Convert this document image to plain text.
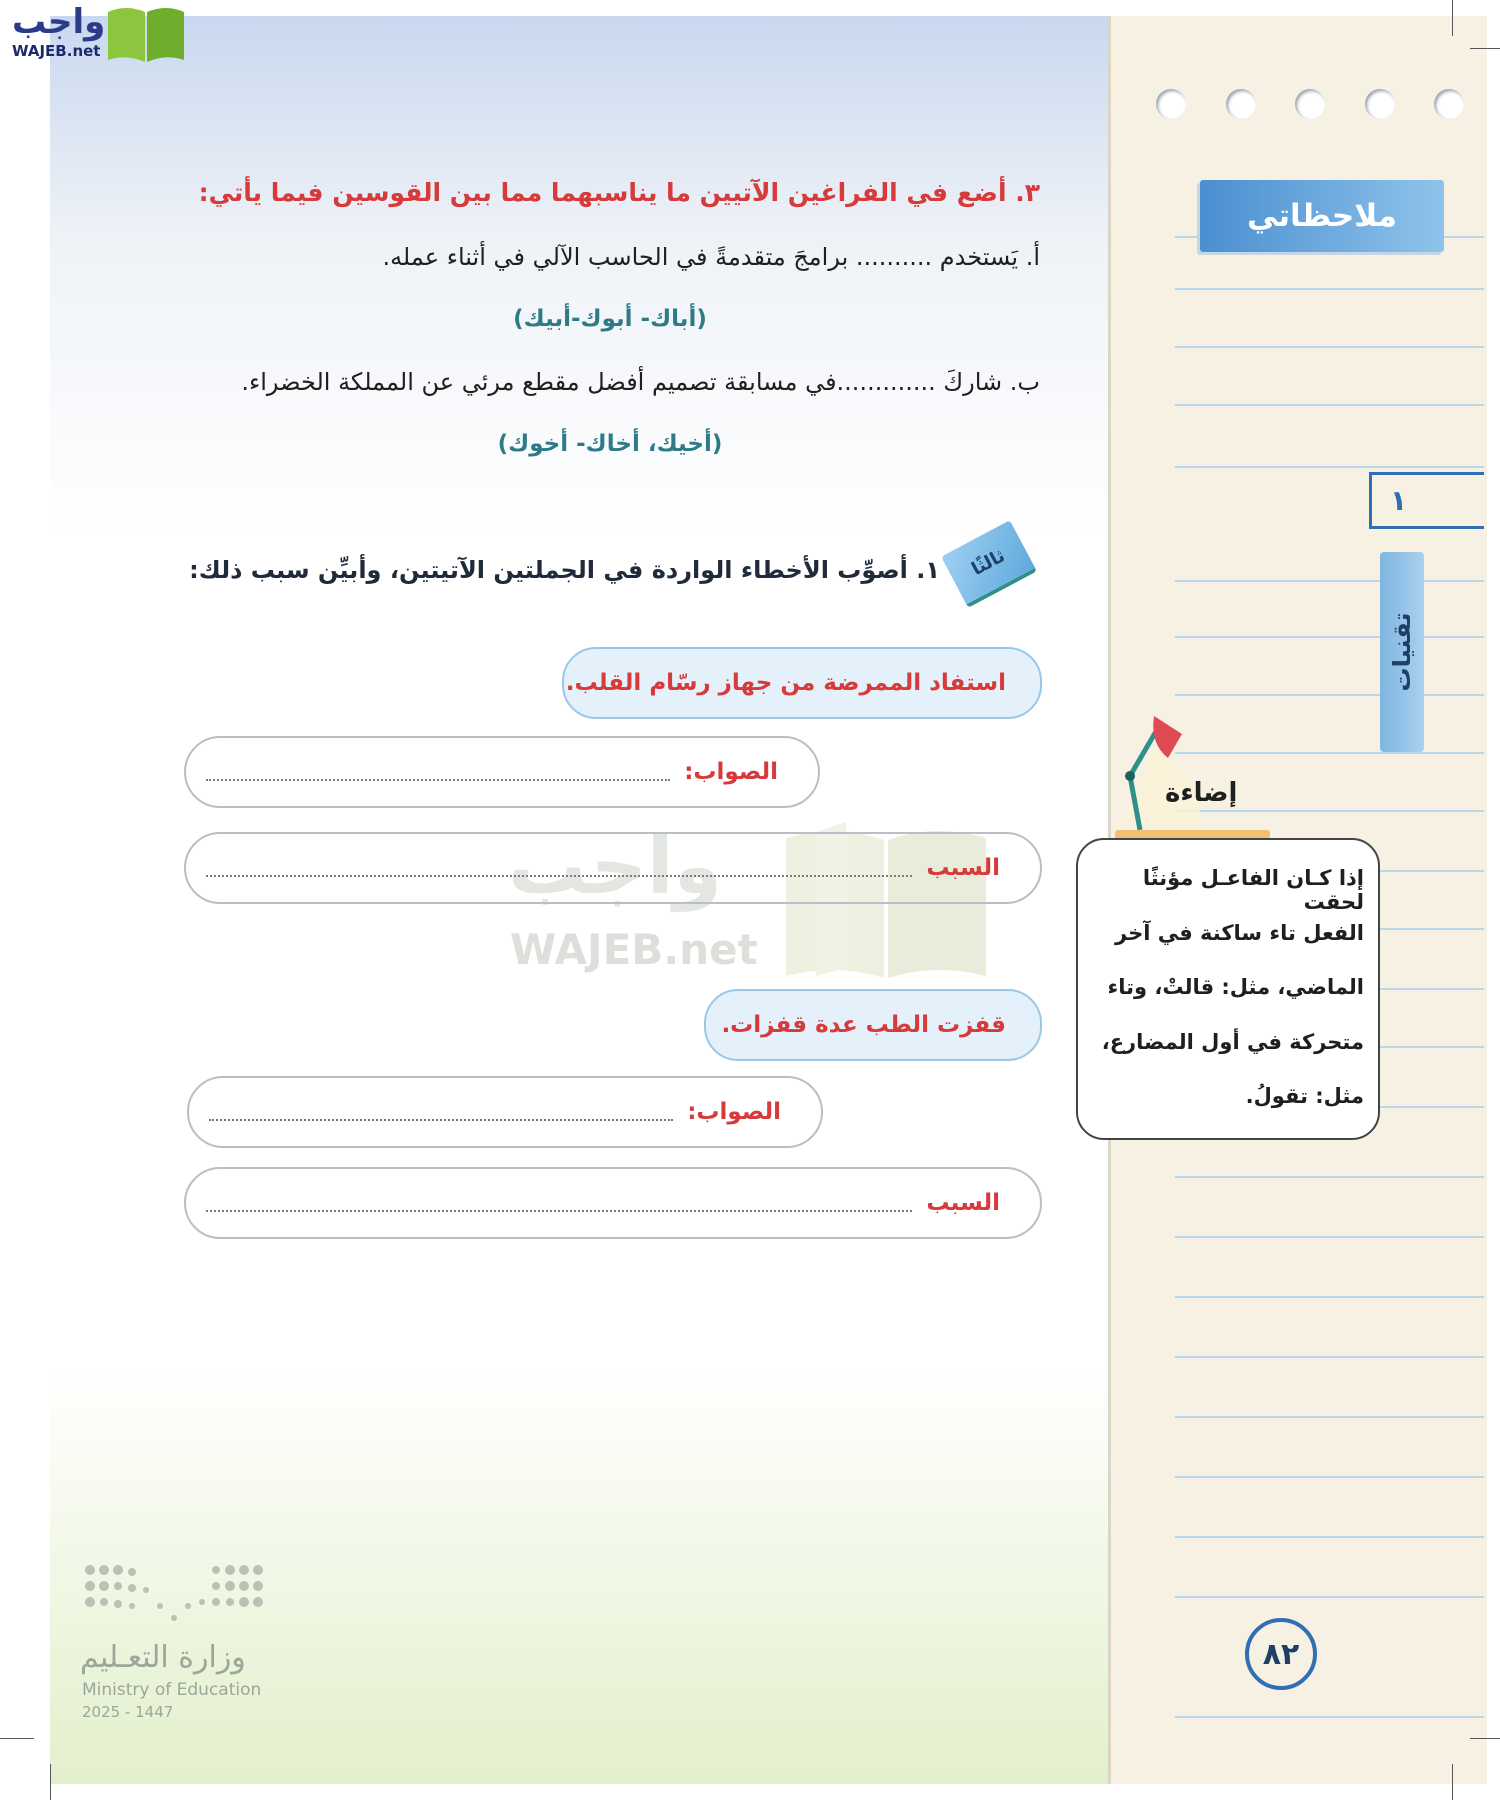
ملاحظاتي
١
تقنيات
٣. أضع في الفراغين الآتيين ما يناسبهما مما بين القوسين فيما يأتي:
أ. يَستخدم .......... برامجَ متقدمةً في الحاسب الآلي في أثناء عمله.
(أباك- أبوك-أبيك)
ب. شاركَ .............في مسابقة تصميم أفضل مقطع مرئي عن المملكة الخضراء.
(أخيك، أخاك- أخوك)
ثالثًا
١. أصوِّب الأخطاء الواردة في الجملتين الآتيتين، وأبيِّن سبب ذلك:
واجب
WAJEB.net
استفاد الممرضة من جهاز رسّام القلب.
الصواب:
السبب
قفزت الطب عدة قفزات.
الصواب:
السبب
إضاءة

إذا كـان الفاعـل مؤنثًا لحقت

الفعل تاء ساكنة في آخر

الماضي، مثل: قالتْ، وتاء

متحركة في أول المضارع،

مثل: تقولُ.

٨٢
وزارة التعـليم
Ministry of Education
2025 - 1447
واجب
WAJEB.net
